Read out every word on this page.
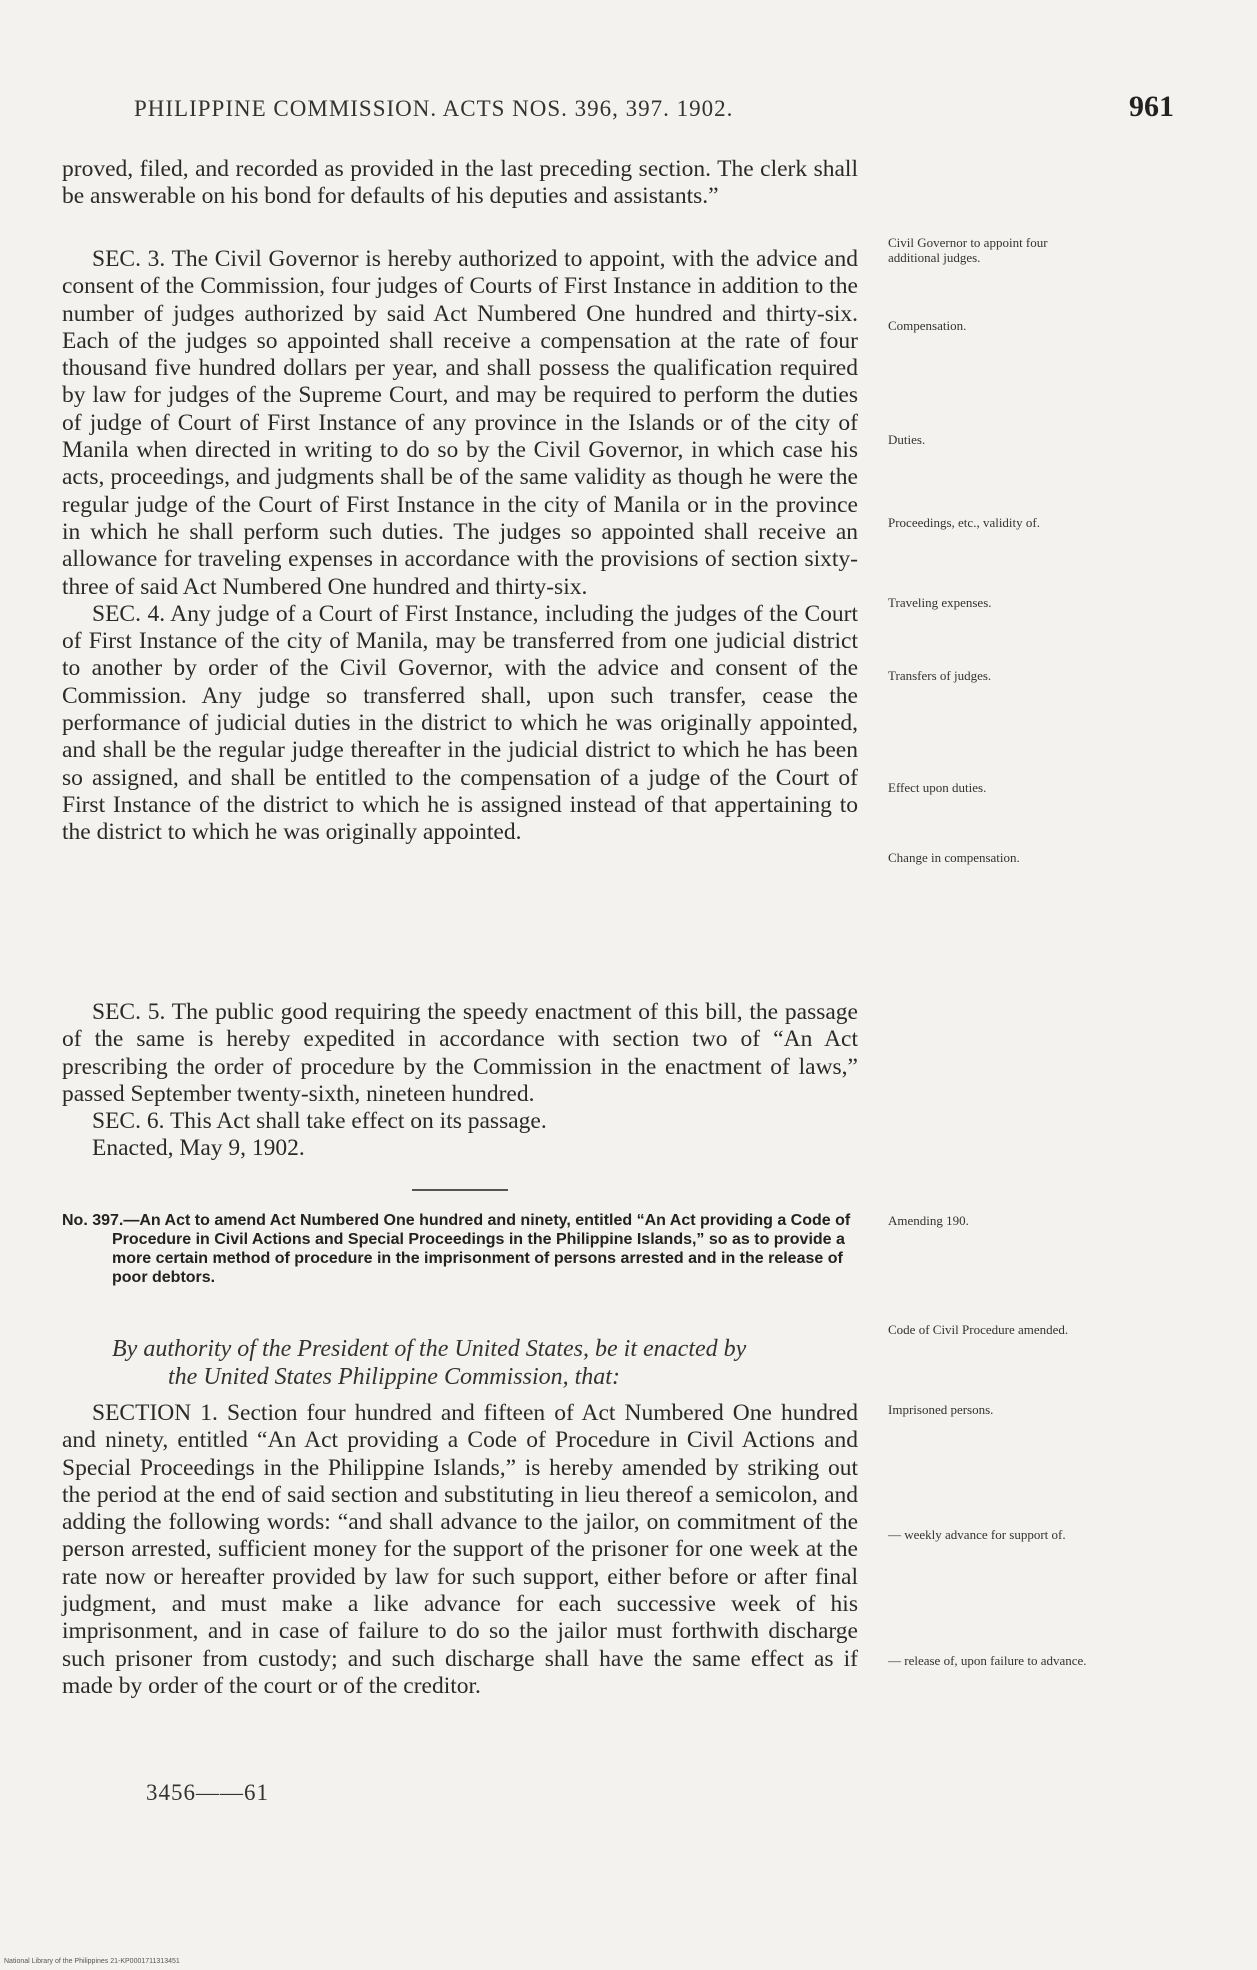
PHILIPPINE COMMISSION. ACTS NOS. 396, 397. 1902.	961

proved, filed, and recorded as provided in the last preceding section. The clerk shall be answerable on his bond for defaults of his deputies and assistants.”

SEC. 3. The Civil Governor is hereby authorized to appoint, with the advice and consent of the Commission, four judges of Courts of First Instance in addition to the number of judges authorized by said Act Numbered One hundred and thirty-six. Each of the judges so appointed shall receive a compensation at the rate of four thousand five hundred dollars per year, and shall possess the qualification required by law for judges of the Supreme Court, and may be required to perform the duties of judge of Court of First Instance of any province in the Islands or of the city of Manila when directed in writing to do so by the Civil Governor, in which case his acts, proceedings, and judgments shall be of the same validity as though he were the regular judge of the Court of First Instance in the city of Manila or in the province in which he shall perform such duties. The judges so appointed shall receive an allowance for traveling expenses in accordance with the provisions of section sixty-three of said Act Numbered One hundred and thirty-six.

SEC. 4. Any judge of a Court of First Instance, including the judges of the Court of First Instance of the city of Manila, may be transferred from one judicial district to another by order of the Civil Governor, with the advice and consent of the Commission. Any judge so transferred shall, upon such transfer, cease the performance of judicial duties in the district to which he was originally appointed, and shall be the regular judge thereafter in the judicial district to which he has been so assigned, and shall be entitled to the compensation of a judge of the Court of First Instance of the district to which he is assigned instead of that appertaining to the district to which he was originally appointed.

SEC. 5. The public good requiring the speedy enactment of this bill, the passage of the same is hereby expedited in accordance with section two of “An Act prescribing the order of procedure by the Commission in the enactment of laws,” passed September twenty-sixth, nineteen hundred.

SEC. 6. This Act shall take effect on its passage.

Enacted, May 9, 1902.

No. 397.—An Act to amend Act Numbered One hundred and ninety, entitled “An Act providing a Code of Procedure in Civil Actions and Special Proceedings in the Philippine Islands,” so as to provide a more certain method of procedure in the imprisonment of persons arrested and in the release of poor debtors.
By authority of the President of the United States, be it enacted by
the United States Philippine Commission, that:

SECTION 1. Section four hundred and fifteen of Act Numbered One hundred and ninety, entitled “An Act providing a Code of Procedure in Civil Actions and Special Proceedings in the Philippine Islands,” is hereby amended by striking out the period at the end of said section and substituting in lieu thereof a semicolon, and adding the following words: “and shall advance to the jailor, on commitment of the person arrested, sufficient money for the support of the prisoner for one week at the rate now or hereafter provided by law for such support, either before or after final judgment, and must make a like advance for each successive week of his imprisonment, and in case of failure to do so the jailor must forthwith discharge such prisoner from custody; and such discharge shall have the same effect as if made by order of the court or of the creditor.

Civil Governor to appoint four additional judges.
Compensation.
Duties.
Proceedings, etc., validity of.
Traveling expenses.
Transfers of judges.
Effect upon duties.
Change in compensation.
Amending 190.
Code of Civil Procedure amended.
Imprisoned persons.
— weekly advance for support of.
— release of, upon failure to advance.
3456——61
National Library of the Philippines 21-KP0001711313451
